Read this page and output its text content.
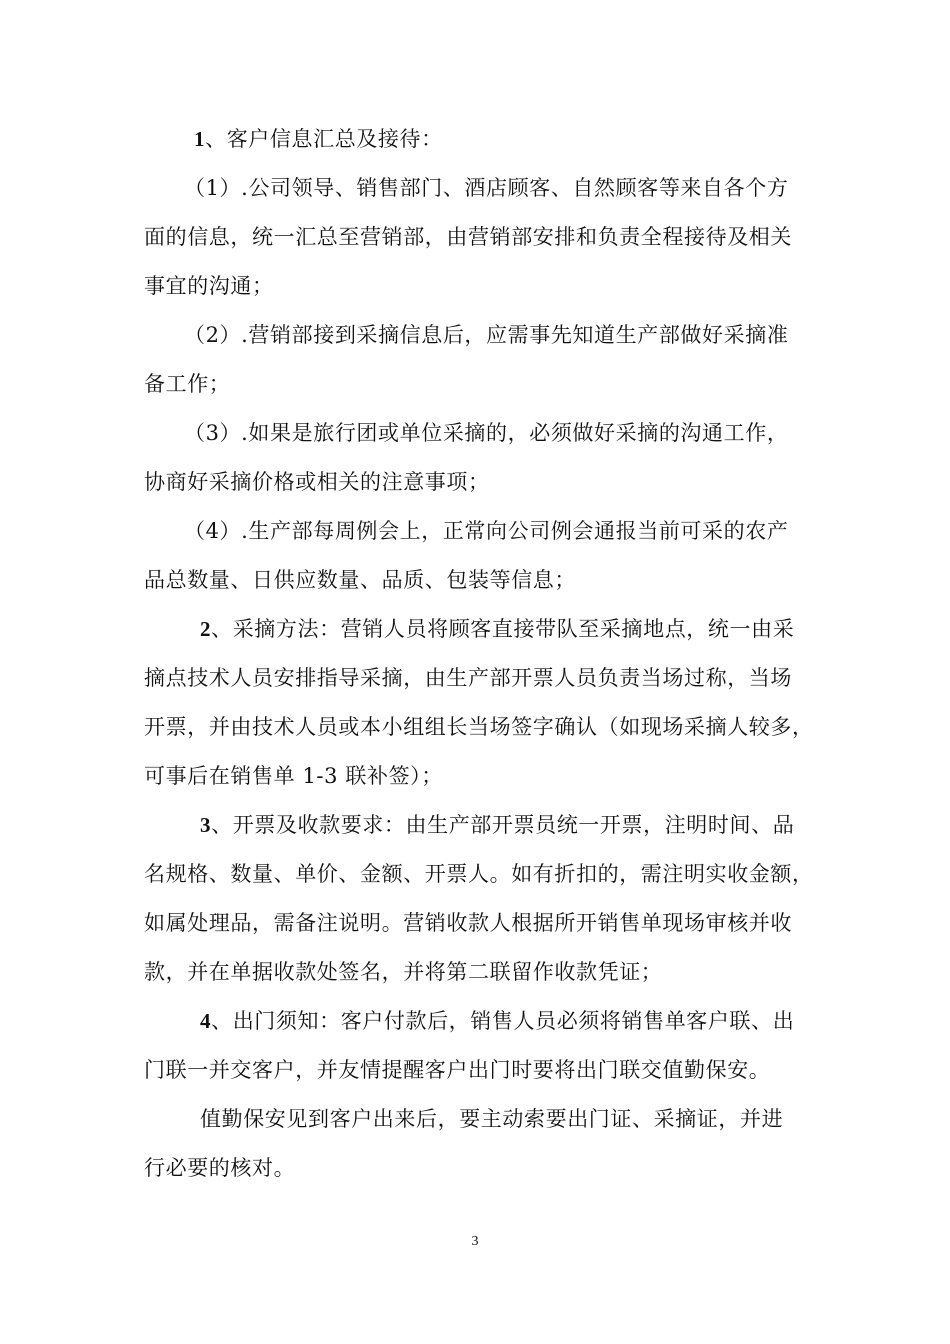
1、客户信息汇总及接待：
（1）.公司领导、销售部门、酒店顾客、自然顾客等来自各个方
面的信息，统一汇总至营销部，由营销部安排和负责全程接待及相关
事宜的沟通；
（2）.营销部接到采摘信息后，应需事先知道生产部做好采摘准
备工作；
（3）.如果是旅行团或单位采摘的，必须做好采摘的沟通工作，
协商好采摘价格或相关的注意事项；
（4）.生产部每周例会上，正常向公司例会通报当前可采的农产
品总数量、日供应数量、品质、包装等信息；
2、采摘方法：营销人员将顾客直接带队至采摘地点，统一由采
摘点技术人员安排指导采摘，由生产部开票人员负责当场过称，当场
开票，并由技术人员或本小组组长当场签字确认（如现场采摘人较多，
可事后在销售单 1-3 联补签）；
3、开票及收款要求：由生产部开票员统一开票，注明时间、品
名规格、数量、单价、金额、开票人。如有折扣的，需注明实收金额，
如属处理品，需备注说明。营销收款人根据所开销售单现场审核并收
款，并在单据收款处签名，并将第二联留作收款凭证；
4、出门须知：客户付款后，销售人员必须将销售单客户联、出
门联一并交客户，并友情提醒客户出门时要将出门联交值勤保安。
值勤保安见到客户出来后，要主动索要出门证、采摘证，并进
行必要的核对。
3
